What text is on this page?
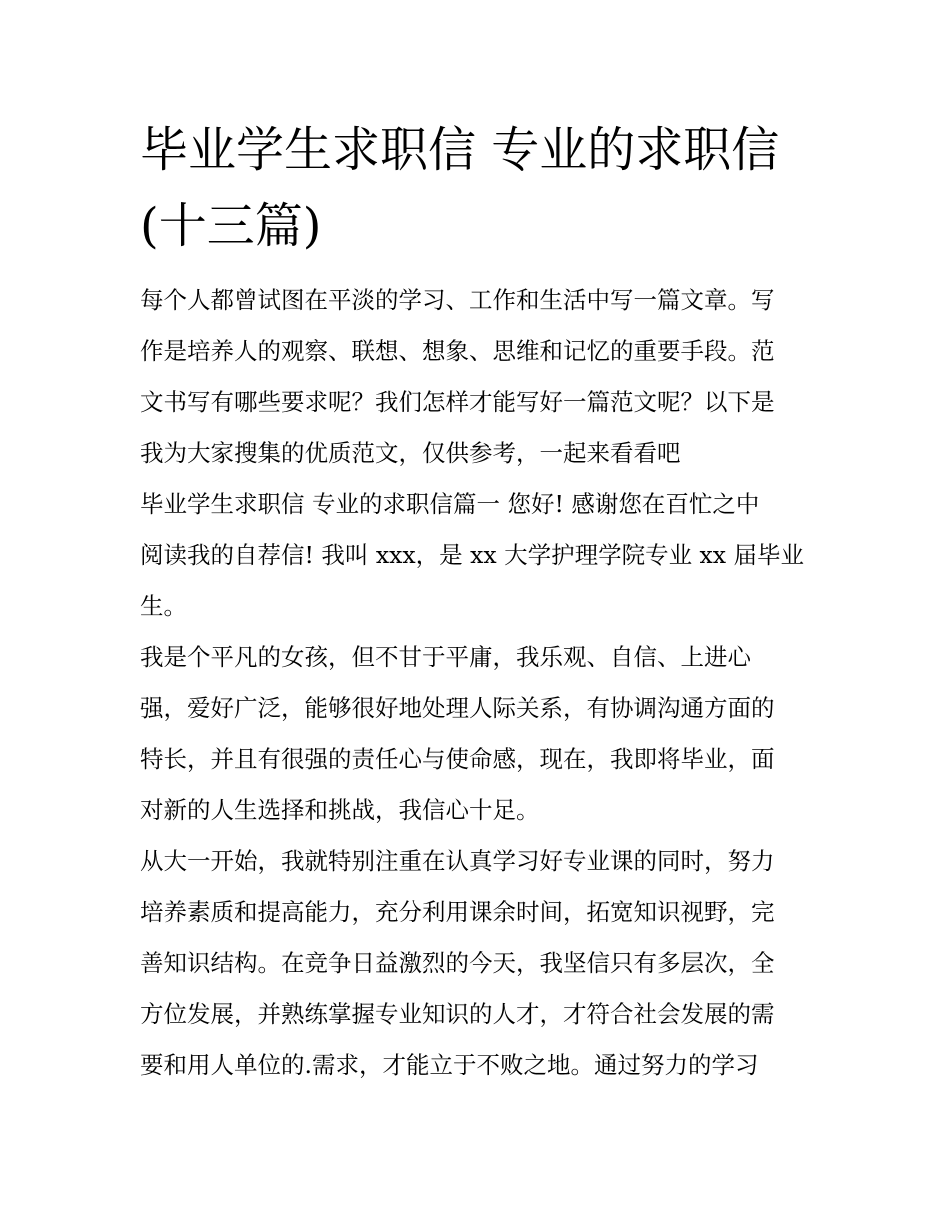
毕业学生求职信 专业的求职信
(十三篇)

每个人都曾试图在平淡的学习、工作和生活中写一篇文章。写

作是培养人的观察、联想、想象、思维和记忆的重要手段。范

文书写有哪些要求呢？我们怎样才能写好一篇范文呢？以下是

我为大家搜集的优质范文，仅供参考，一起来看看吧

毕业学生求职信 专业的求职信篇一 您好! 感谢您在百忙之中

阅读我的自荐信! 我叫 xxx，是 xx 大学护理学院专业 xx 届毕业

生。

我是个平凡的女孩，但不甘于平庸，我乐观、自信、上进心

强，爱好广泛，能够很好地处理人际关系，有协调沟通方面的

特长，并且有很强的责任心与使命感，现在，我即将毕业，面

对新的人生选择和挑战，我信心十足。

从大一开始，我就特别注重在认真学习好专业课的同时，努力

培养素质和提高能力，充分利用课余时间，拓宽知识视野，完

善知识结构。在竞争日益激烈的今天，我坚信只有多层次，全

方位发展，并熟练掌握专业知识的人才，才符合社会发展的需

要和用人单位的.需求，才能立于不败之地。通过努力的学习
